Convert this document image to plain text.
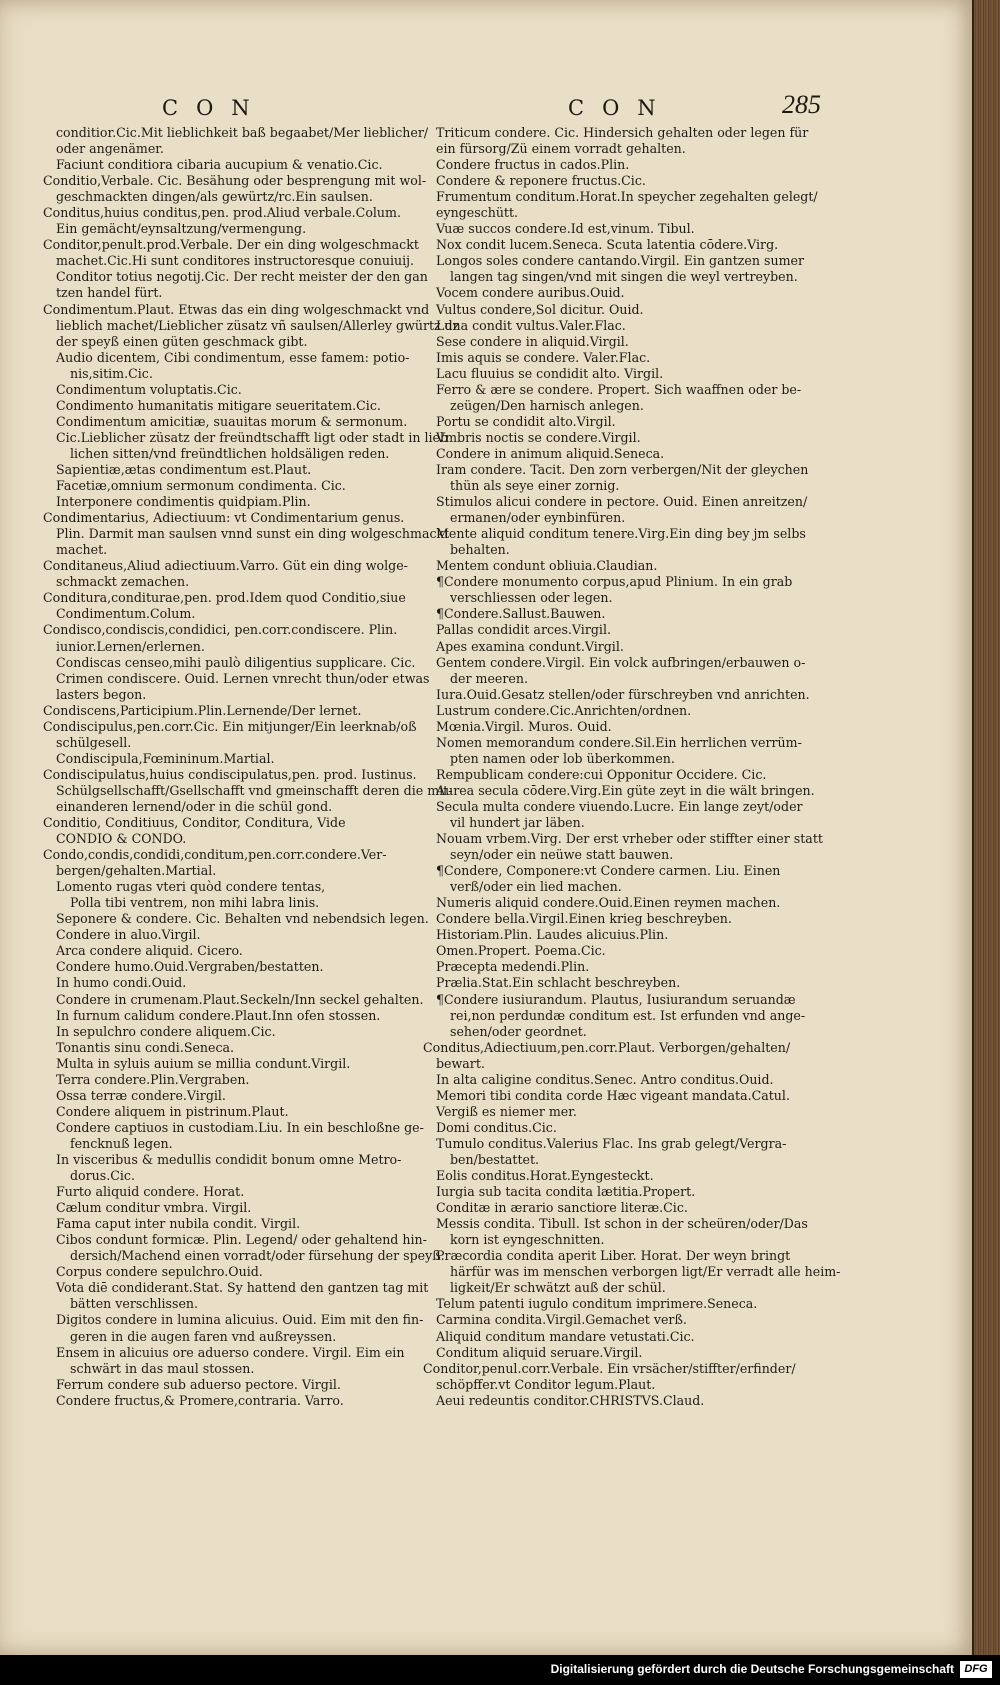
CON	CON	285
conditior.Cic.Mit lieblichkeit baß begaabet/Mer lieblicher/
oder angenämer.
Faciunt conditiora cibaria aucupium & venatio.Cic.
Conditio,Verbale. Cic. Besähung oder besprengung mit wol-
geschmackten dingen/als gewürtz/rc.Ein saulsen.
Conditus,huius conditus,pen. prod.Aliud verbale.Colum.
Ein gemächt/eynsaltzung/vermengung.
Conditor,penult.prod.Verbale. Der ein ding wolgeschmackt
machet.Cic.Hi sunt conditores instructoresque conuiuij.
Conditor totius negotij.Cic. Der recht meister der den gan
tzen handel fürt.
Condimentum.Plaut. Etwas das ein ding wolgeschmackt vnd
lieblich machet/Lieblicher züsatz vñ saulsen/Allerley gwürtz dz
der speyß einen güten geschmack gibt.
Audio dicentem, Cibi condimentum, esse famem: potio-
nis,sitim.Cic.
Condimentum voluptatis.Cic.
Condimento humanitatis mitigare seueritatem.Cic.
Condimentum amicitiæ, suauitas morum & sermonum.
Cic.Lieblicher züsatz der freündtschafft ligt oder stadt in lieb
lichen sitten/vnd freündtlichen holdsäligen reden.
Sapientiæ,ætas condimentum est.Plaut.
Facetiæ,omnium sermonum condimenta. Cic.
Interponere condimentis quidpiam.Plin.
Condimentarius, Adiectiuum: vt Condimentarium genus.
Plin. Darmit man saulsen vnnd sunst ein ding wolgeschmackt
machet.
Conditaneus,Aliud adiectiuum.Varro. Güt ein ding wolge-
schmackt zemachen.
Conditura,conditurae,pen. prod.Idem quod Conditio,siue
Condimentum.Colum.
Condisco,condiscis,condidici, pen.corr.condiscere. Plin.
iunior.Lernen/erlernen.
Condiscas censeo,mihi paulò diligentius supplicare. Cic.
Crimen condiscere. Ouid. Lernen vnrecht thun/oder etwas
lasters begon.
Condiscens,Participium.Plin.Lernende/Der lernet.
Condiscipulus,pen.corr.Cic. Ein mitjunger/Ein leerknab/oß
schülgesell.
Condiscipula,Fœmininum.Martial.
Condiscipulatus,huius condiscipulatus,pen. prod. Iustinus.
Schülgsellschafft/Gsellschafft vnd gmeinschafft deren die mit-
einanderen lernend/oder in die schül gond.
Conditio, Conditiuus, Conditor, Conditura, Vide
CONDIO & CONDO.
Condo,condis,condidi,conditum,pen.corr.condere.Ver-
bergen/gehalten.Martial.
Lomento rugas vteri quòd condere tentas,
Polla tibi ventrem, non mihi labra linis.
Seponere & condere. Cic. Behalten vnd nebendsich legen.
Condere in aluo.Virgil.
Arca condere aliquid. Cicero.
Condere humo.Ouid.Vergraben/bestatten.
In humo condi.Ouid.
Condere in crumenam.Plaut.Seckeln/Inn seckel gehalten.
In furnum calidum condere.Plaut.Inn ofen stossen.
In sepulchro condere aliquem.Cic.
Tonantis sinu condi.Seneca.
Multa in syluis auium se millia condunt.Virgil.
Terra condere.Plin.Vergraben.
Ossa terræ condere.Virgil.
Condere aliquem in pistrinum.Plaut.
Condere captiuos in custodiam.Liu. In ein beschloßne ge-
fencknuß legen.
In visceribus & medullis condidit bonum omne Metro-
dorus.Cic.
Furto aliquid condere. Horat.
Cælum conditur vmbra. Virgil.
Fama caput inter nubila condit. Virgil.
Cibos condunt formicæ. Plin. Legend/ oder gehaltend hin-
dersich/Machend einen vorradt/oder fürsehung der speyß.
Corpus condere sepulchro.Ouid.
Vota diē condiderant.Stat. Sy hattend den gantzen tag mit
bätten verschlissen.
Digitos condere in lumina alicuius. Ouid. Eim mit den fin-
geren in die augen faren vnd außreyssen.
Ensem in alicuius ore aduerso condere. Virgil. Eim ein
schwärt in das maul stossen.
Ferrum condere sub aduerso pectore. Virgil.
Condere fructus,& Promere,contraria. Varro.
Triticum condere. Cic. Hindersich gehalten oder legen für
ein fürsorg/Zü einem vorradt gehalten.
Condere fructus in cados.Plin.
Condere & reponere fructus.Cic.
Frumentum conditum.Horat.In speycher zegehalten gelegt/
eyngeschütt.
Vuæ succos condere.Id est,vinum. Tibul.
Nox condit lucem.Seneca. Scuta latentia cōdere.Virg.
Longos soles condere cantando.Virgil. Ein gantzen sumer
langen tag singen/vnd mit singen die weyl vertreyben.
Vocem condere auribus.Ouid.
Vultus condere,Sol dicitur. Ouid.
Luna condit vultus.Valer.Flac.
Sese condere in aliquid.Virgil.
Imis aquis se condere. Valer.Flac.
Lacu fluuius se condidit alto. Virgil.
Ferro & ære se condere. Propert. Sich waaffnen oder be-
zeügen/Den harnisch anlegen.
Portu se condidit alto.Virgil.
Vmbris noctis se condere.Virgil.
Condere in animum aliquid.Seneca.
Iram condere. Tacit. Den zorn verbergen/Nit der gleychen
thün als seye einer zornig.
Stimulos alicui condere in pectore. Ouid. Einen anreitzen/
ermanen/oder eynbinfüren.
Mente aliquid conditum tenere.Virg.Ein ding bey jm selbs
behalten.
Mentem condunt obliuia.Claudian.
¶Condere monumento corpus,apud Plinium. In ein grab
verschliessen oder legen.
¶Condere.Sallust.Bauwen.
Pallas condidit arces.Virgil.
Apes examina condunt.Virgil.
Gentem condere.Virgil. Ein volck aufbringen/erbauwen o-
der meeren.
Iura.Ouid.Gesatz stellen/oder fürschreyben vnd anrichten.
Lustrum condere.Cic.Anrichten/ordnen.
Mœnia.Virgil. Muros. Ouid.
Nomen memorandum condere.Sil.Ein herrlichen verrüm-
pten namen oder lob überkommen.
Rempublicam condere:cui Opponitur Occidere. Cic.
Aurea secula cōdere.Virg.Ein güte zeyt in die wält bringen.
Secula multa condere viuendo.Lucre. Ein lange zeyt/oder
vil hundert jar läben.
Nouam vrbem.Virg. Der erst vrheber oder stiffter einer statt
seyn/oder ein neüwe statt bauwen.
¶Condere, Componere:vt Condere carmen. Liu. Einen
verß/oder ein lied machen.
Numeris aliquid condere.Ouid.Einen reymen machen.
Condere bella.Virgil.Einen krieg beschreyben.
Historiam.Plin. Laudes alicuius.Plin.
Omen.Propert. Poema.Cic.
Præcepta medendi.Plin.
Prælia.Stat.Ein schlacht beschreyben.
¶Condere iusiurandum. Plautus, Iusiurandum seruandæ
rei,non perdundæ conditum est. Ist erfunden vnd ange-
sehen/oder geordnet.
Conditus,Adiectiuum,pen.corr.Plaut. Verborgen/gehalten/
bewart.
In alta caligine conditus.Senec. Antro conditus.Ouid.
Memori tibi condita corde Hæc vigeant mandata.Catul.
Vergiß es niemer mer.
Domi conditus.Cic.
Tumulo conditus.Valerius Flac. Ins grab gelegt/Vergra-
ben/bestattet.
Eolis conditus.Horat.Eyngesteckt.
Iurgia sub tacita condita lætitia.Propert.
Conditæ in ærario sanctiore literæ.Cic.
Messis condita. Tibull. Ist schon in der scheüren/oder/Das
korn ist eyngeschnitten.
Præcordia condita aperit Liber. Horat. Der weyn bringt
härfür was im menschen verborgen ligt/Er verradt alle heim-
ligkeit/Er schwätzt auß der schül.
Telum patenti iugulo conditum imprimere.Seneca.
Carmina condita.Virgil.Gemachet verß.
Aliquid conditum mandare vetustati.Cic.
Conditum aliquid seruare.Virgil.
Conditor,penul.corr.Verbale. Ein vrsächer/stiffter/erfinder/
schöpffer.vt Conditor legum.Plaut.
Aeui redeuntis conditor.CHRISTVS.Claud.
Digitalisierung gefördert durch die Deutsche Forschungsgemeinschaft DFG
